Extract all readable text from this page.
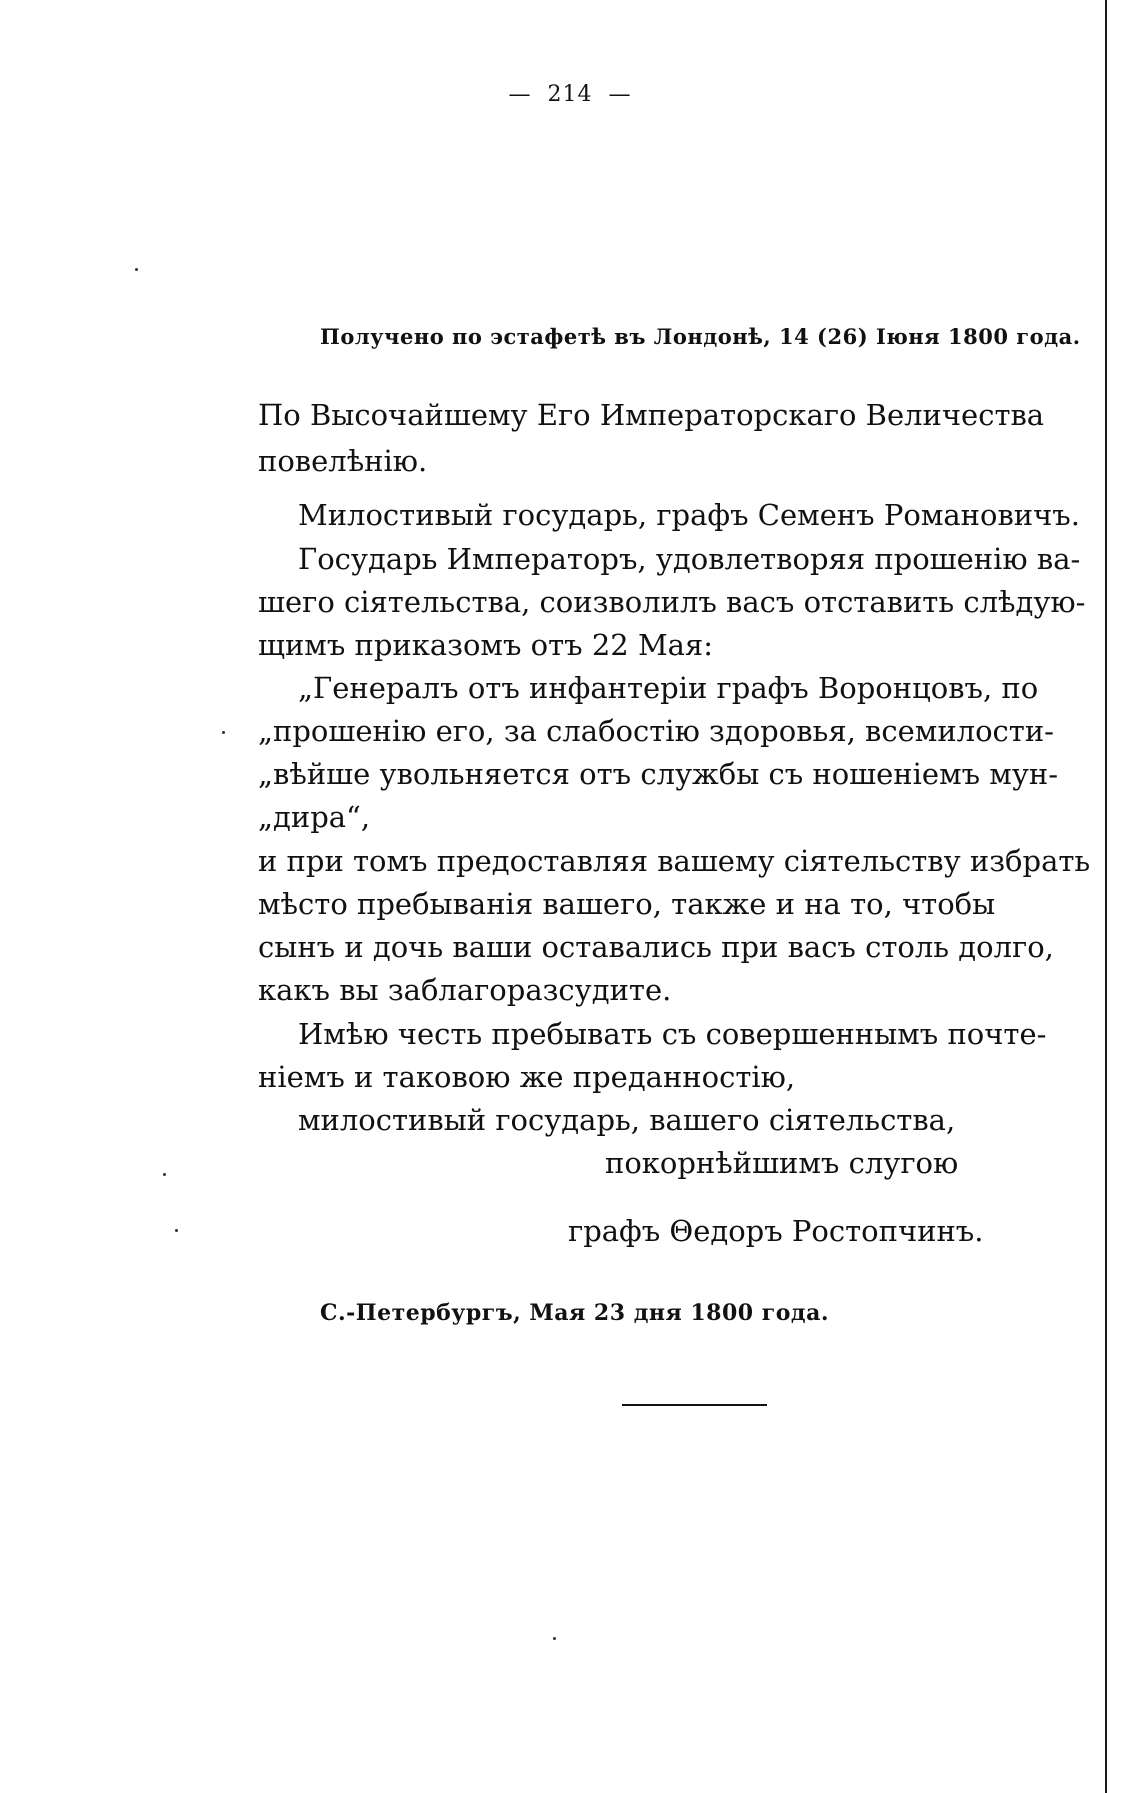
— 214 —
Получено по эстафетѣ въ Лондонѣ, 14 (26) Іюня 1800 года.
По Высочайшему Его Императорскаго Величества
повелѣнію.
Милостивый государь, графъ Семенъ Романовичъ.
Государь Императоръ, удовлетворяя прошенію ва-
шего сіятельства, соизволилъ васъ отставить слѣдую-
щимъ приказомъ отъ 22 Мая:
„Генералъ отъ инфантеріи графъ Воронцовъ, по
„прошенію его, за слабостію здоровья, всемилости-
„вѣйше увольняется отъ службы съ ношеніемъ мун-
„дира“,
и при томъ предоставляя вашему сіятельству избрать
мѣсто пребыванія вашего, также и на то, чтобы
сынъ и дочь ваши оставались при васъ столь долго,
какъ вы заблагоразсудите.
Имѣю честь пребывать съ совершеннымъ почте-
ніемъ и таковою же преданностію,
милостивый государь, вашего сіятельства,
покорнѣйшимъ слугою
графъ Θедоръ Ростопчинъ.
С.-Петербургъ, Мая 23 дня 1800 года.
